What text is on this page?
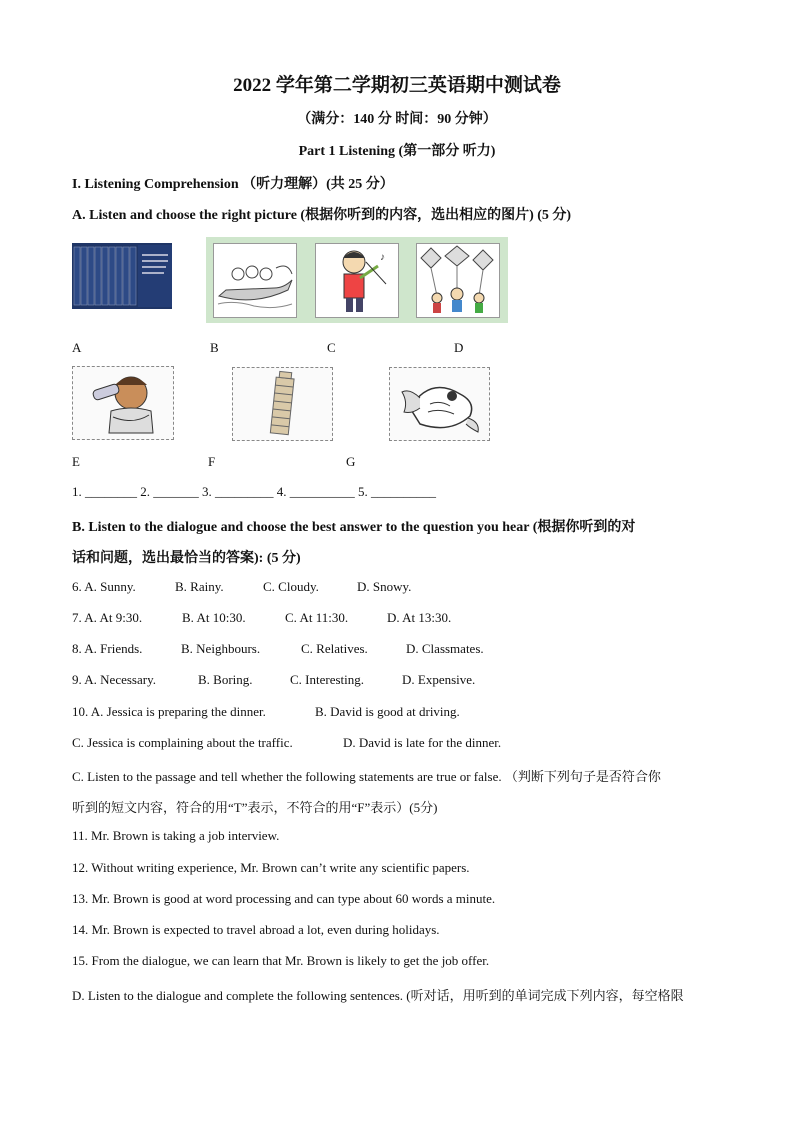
2022 学年第二学期初三英语期中测试卷
（满分：140 分 时间：90 分钟）
Part 1 Listening (第一部分 听力)
I. Listening Comprehension （听力理解）(共 25 分）
A. Listen and choose the right picture (根据你听到的内容，选出相应的图片) (5 分)
♪
A	B	C	D
E	F	G
1. ________ 2. _______ 3. _________ 4. __________ 5. __________
B. Listen to the dialogue and choose the best answer to the question you hear (根据你听到的对
话和问题，选出最恰当的答案): (5 分)
6. A. Sunny.	B. Rainy.	C. Cloudy.	D. Snowy.
7. A. At 9:30.	B. At 10:30.	C. At 11:30.	D. At 13:30.
8. A. Friends.	B. Neighbours.	C. Relatives.	D. Classmates.
9. A. Necessary.	B. Boring.	C. Interesting.	D. Expensive.
10. A. Jessica is preparing the dinner.	B. David is good at driving.
C. Jessica is complaining about the traffic.	D. David is late for the dinner.
C. Listen to the passage and tell whether the following statements are true or false. （判断下列句子是否符合你
听到的短文内容，符合的用“T”表示，不符合的用“F”表示）(5分)
11. Mr. Brown is taking a job interview.
12. Without writing experience, Mr. Brown can’t write any scientific papers.
13. Mr. Brown is good at word processing and can type about 60 words a minute.
14. Mr. Brown is expected to travel abroad a lot, even during holidays.
15. From the dialogue, we can learn that Mr. Brown is likely to get the job offer.
D. Listen to the dialogue and complete the following sentences. (听对话，用听到的单词完成下列内容，每空格限
